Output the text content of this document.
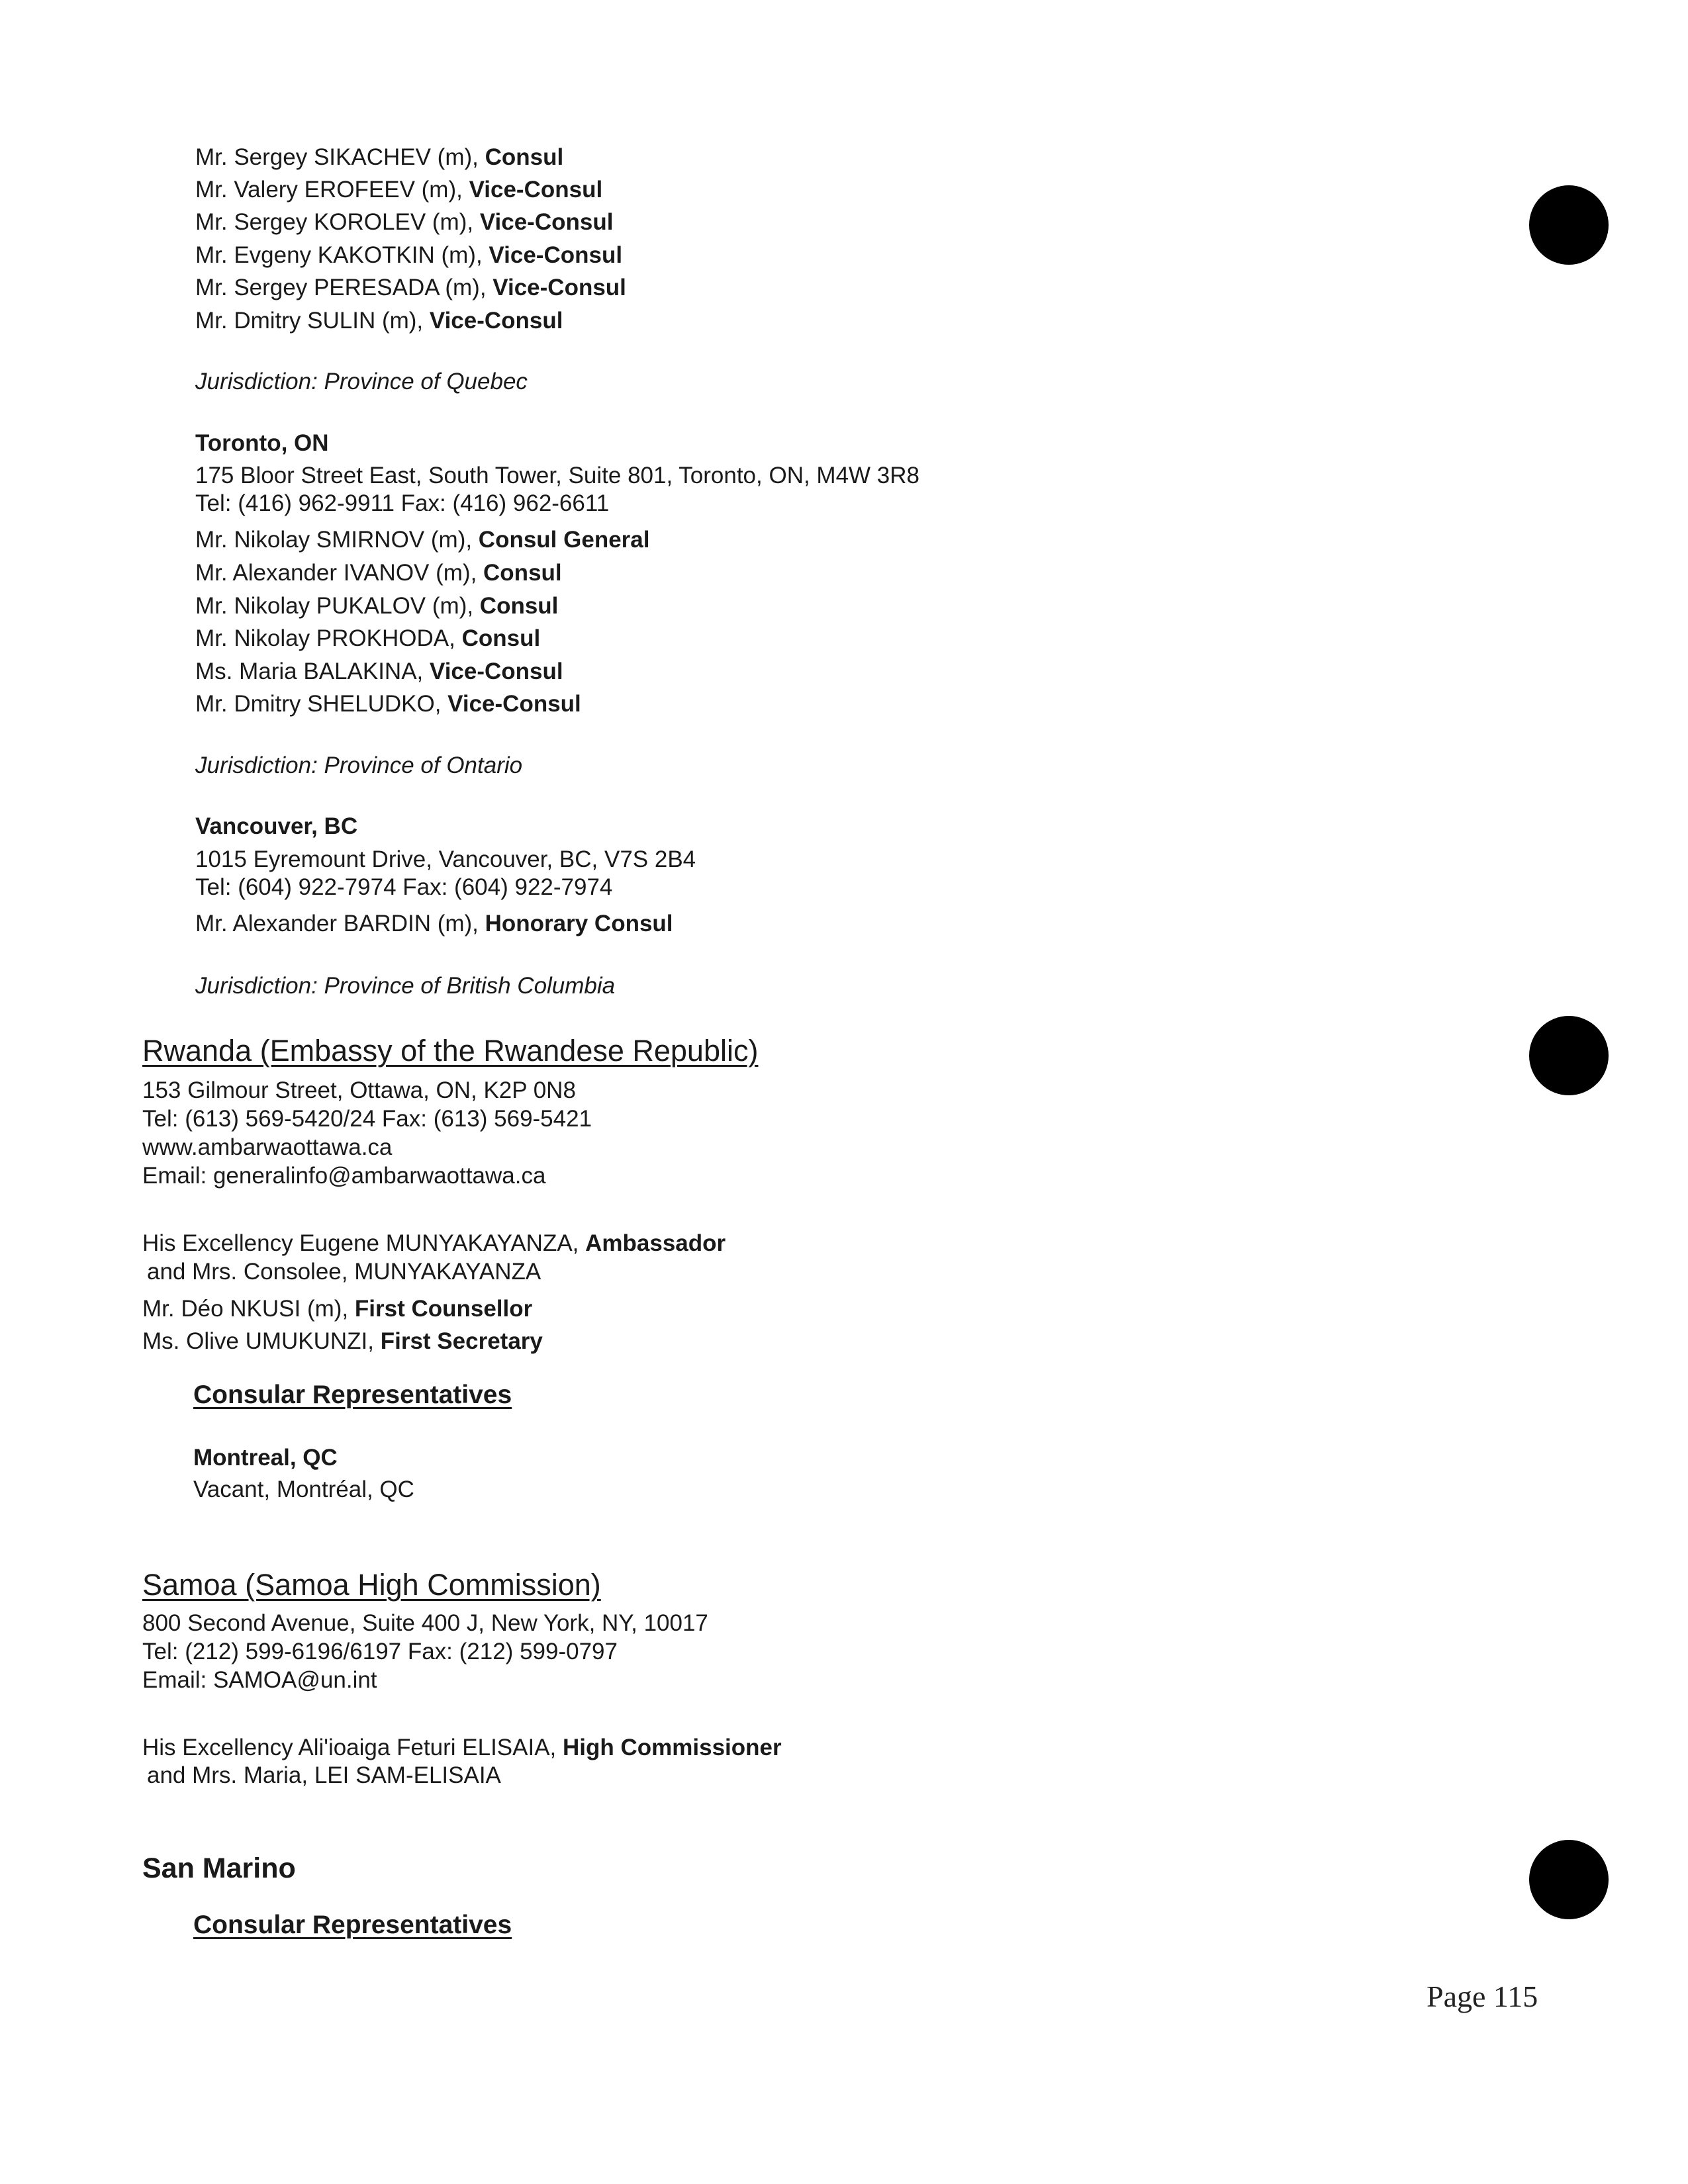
Mr. Sergey SIKACHEV (m), Consul
Mr. Valery EROFEEV (m), Vice-Consul
Mr. Sergey KOROLEV (m), Vice-Consul
Mr. Evgeny KAKOTKIN (m), Vice-Consul
Mr. Sergey PERESADA (m), Vice-Consul
Mr. Dmitry SULIN (m), Vice-Consul
Jurisdiction: Province of Quebec
Toronto, ON
175 Bloor Street East, South Tower, Suite 801, Toronto, ON, M4W 3R8
Tel: (416) 962-9911 Fax: (416) 962-6611
Mr. Nikolay SMIRNOV (m), Consul General
Mr. Alexander IVANOV (m), Consul
Mr. Nikolay PUKALOV (m), Consul
Mr. Nikolay PROKHODA, Consul
Ms. Maria BALAKINA, Vice-Consul
Mr. Dmitry SHELUDKO, Vice-Consul
Jurisdiction: Province of Ontario
Vancouver, BC
1015 Eyremount Drive, Vancouver, BC, V7S 2B4
Tel: (604) 922-7974 Fax: (604) 922-7974
Mr. Alexander BARDIN (m), Honorary Consul
Jurisdiction: Province of British Columbia
Rwanda (Embassy of the Rwandese Republic)
153 Gilmour Street, Ottawa, ON, K2P 0N8
Tel: (613) 569-5420/24 Fax: (613) 569-5421
www.ambarwaottawa.ca
Email: generalinfo@ambarwaottawa.ca
His Excellency Eugene MUNYAKAYANZA, Ambassador
and Mrs. Consolee, MUNYAKAYANZA
Mr. Déo NKUSI (m), First Counsellor
Ms. Olive UMUKUNZI, First Secretary
Consular Representatives
Montreal, QC
Vacant, Montréal, QC
Samoa (Samoa High Commission)
800 Second Avenue, Suite 400 J, New York, NY, 10017
Tel: (212) 599-6196/6197 Fax: (212) 599-0797
Email: SAMOA@un.int
His Excellency Ali'ioaiga Feturi ELISAIA, High Commissioner
and Mrs. Maria, LEI SAM-ELISAIA
San Marino
Consular Representatives
Page 115
